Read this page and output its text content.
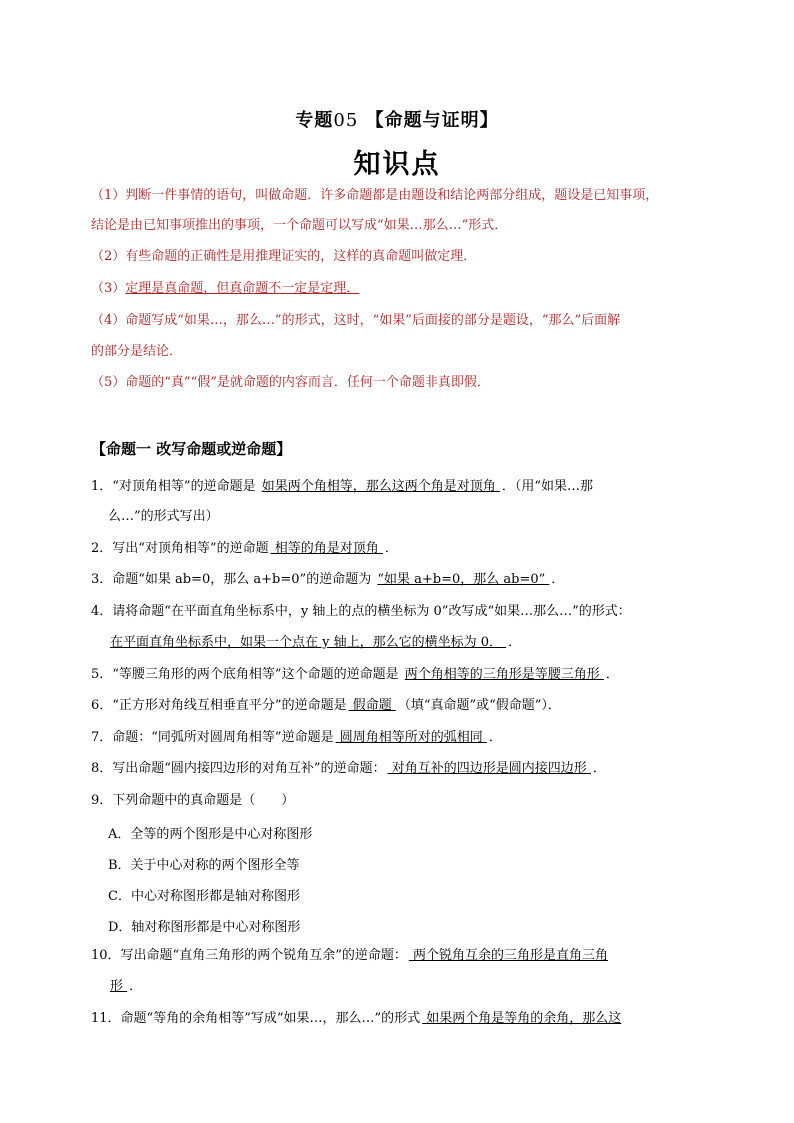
专题05 【命题与证明】
知识点
（1）判断一件事情的语句，叫做命题．许多命题都是由题设和结论两部分组成，题设是已知事项，
结论是由已知事项推出的事项，一个命题可以写成“如果…那么…”形式．
（2）有些命题的正确性是用推理证实的，这样的真命题叫做定理．
（3）定理是真命题，但真命题不一定是定理．
（4）命题写成“如果…，那么…”的形式，这时，“如果”后面接的部分是题设，“那么”后面解
的部分是结论．
（5）命题的“真”“假”是就命题的内容而言．任何一个命题非真即假．
【命题一 改写命题或逆命题】
1．“对顶角相等”的逆命题是 如果两个角相等，那么这两个角是对顶角 ．（用“如果…那
么…”的形式写出）
2．写出“对顶角相等”的逆命题 相等的角是对顶角 ．
3．命题“如果 ab=0，那么 a+b=0”的逆命题为 “如果 a+b=0，那么 ab=0” ．
4．请将命题“在平面直角坐标系中，y 轴上的点的横坐标为 0”改写成“如果…那么…”的形式：
在平面直角坐标系中，如果一个点在 y 轴上，那么它的横坐标为 0． ．
5．“等腰三角形的两个底角相等”这个命题的逆命题是 两个角相等的三角形是等腰三角形 ．
6．“正方形对角线互相垂直平分”的逆命题是 假命题 （填“真命题”或“假命题”）．
7．命题：“同弧所对圆周角相等”逆命题是 圆周角相等所对的弧相同 ．
8．写出命题“圆内接四边形的对角互补”的逆命题： 对角互补的四边形是圆内接四边形 ．
9．下列命题中的真命题是（　　）
A．全等的两个图形是中心对称图形
B．关于中心对称的两个图形全等
C．中心对称图形都是轴对称图形
D．轴对称图形都是中心对称图形
10．写出命题“直角三角形的两个锐角互余”的逆命题： 两个锐角互余的三角形是直角三角
形 ．
11．命题“等角的余角相等”写成“如果…，那么…”的形式 如果两个角是等角的余角，那么这
